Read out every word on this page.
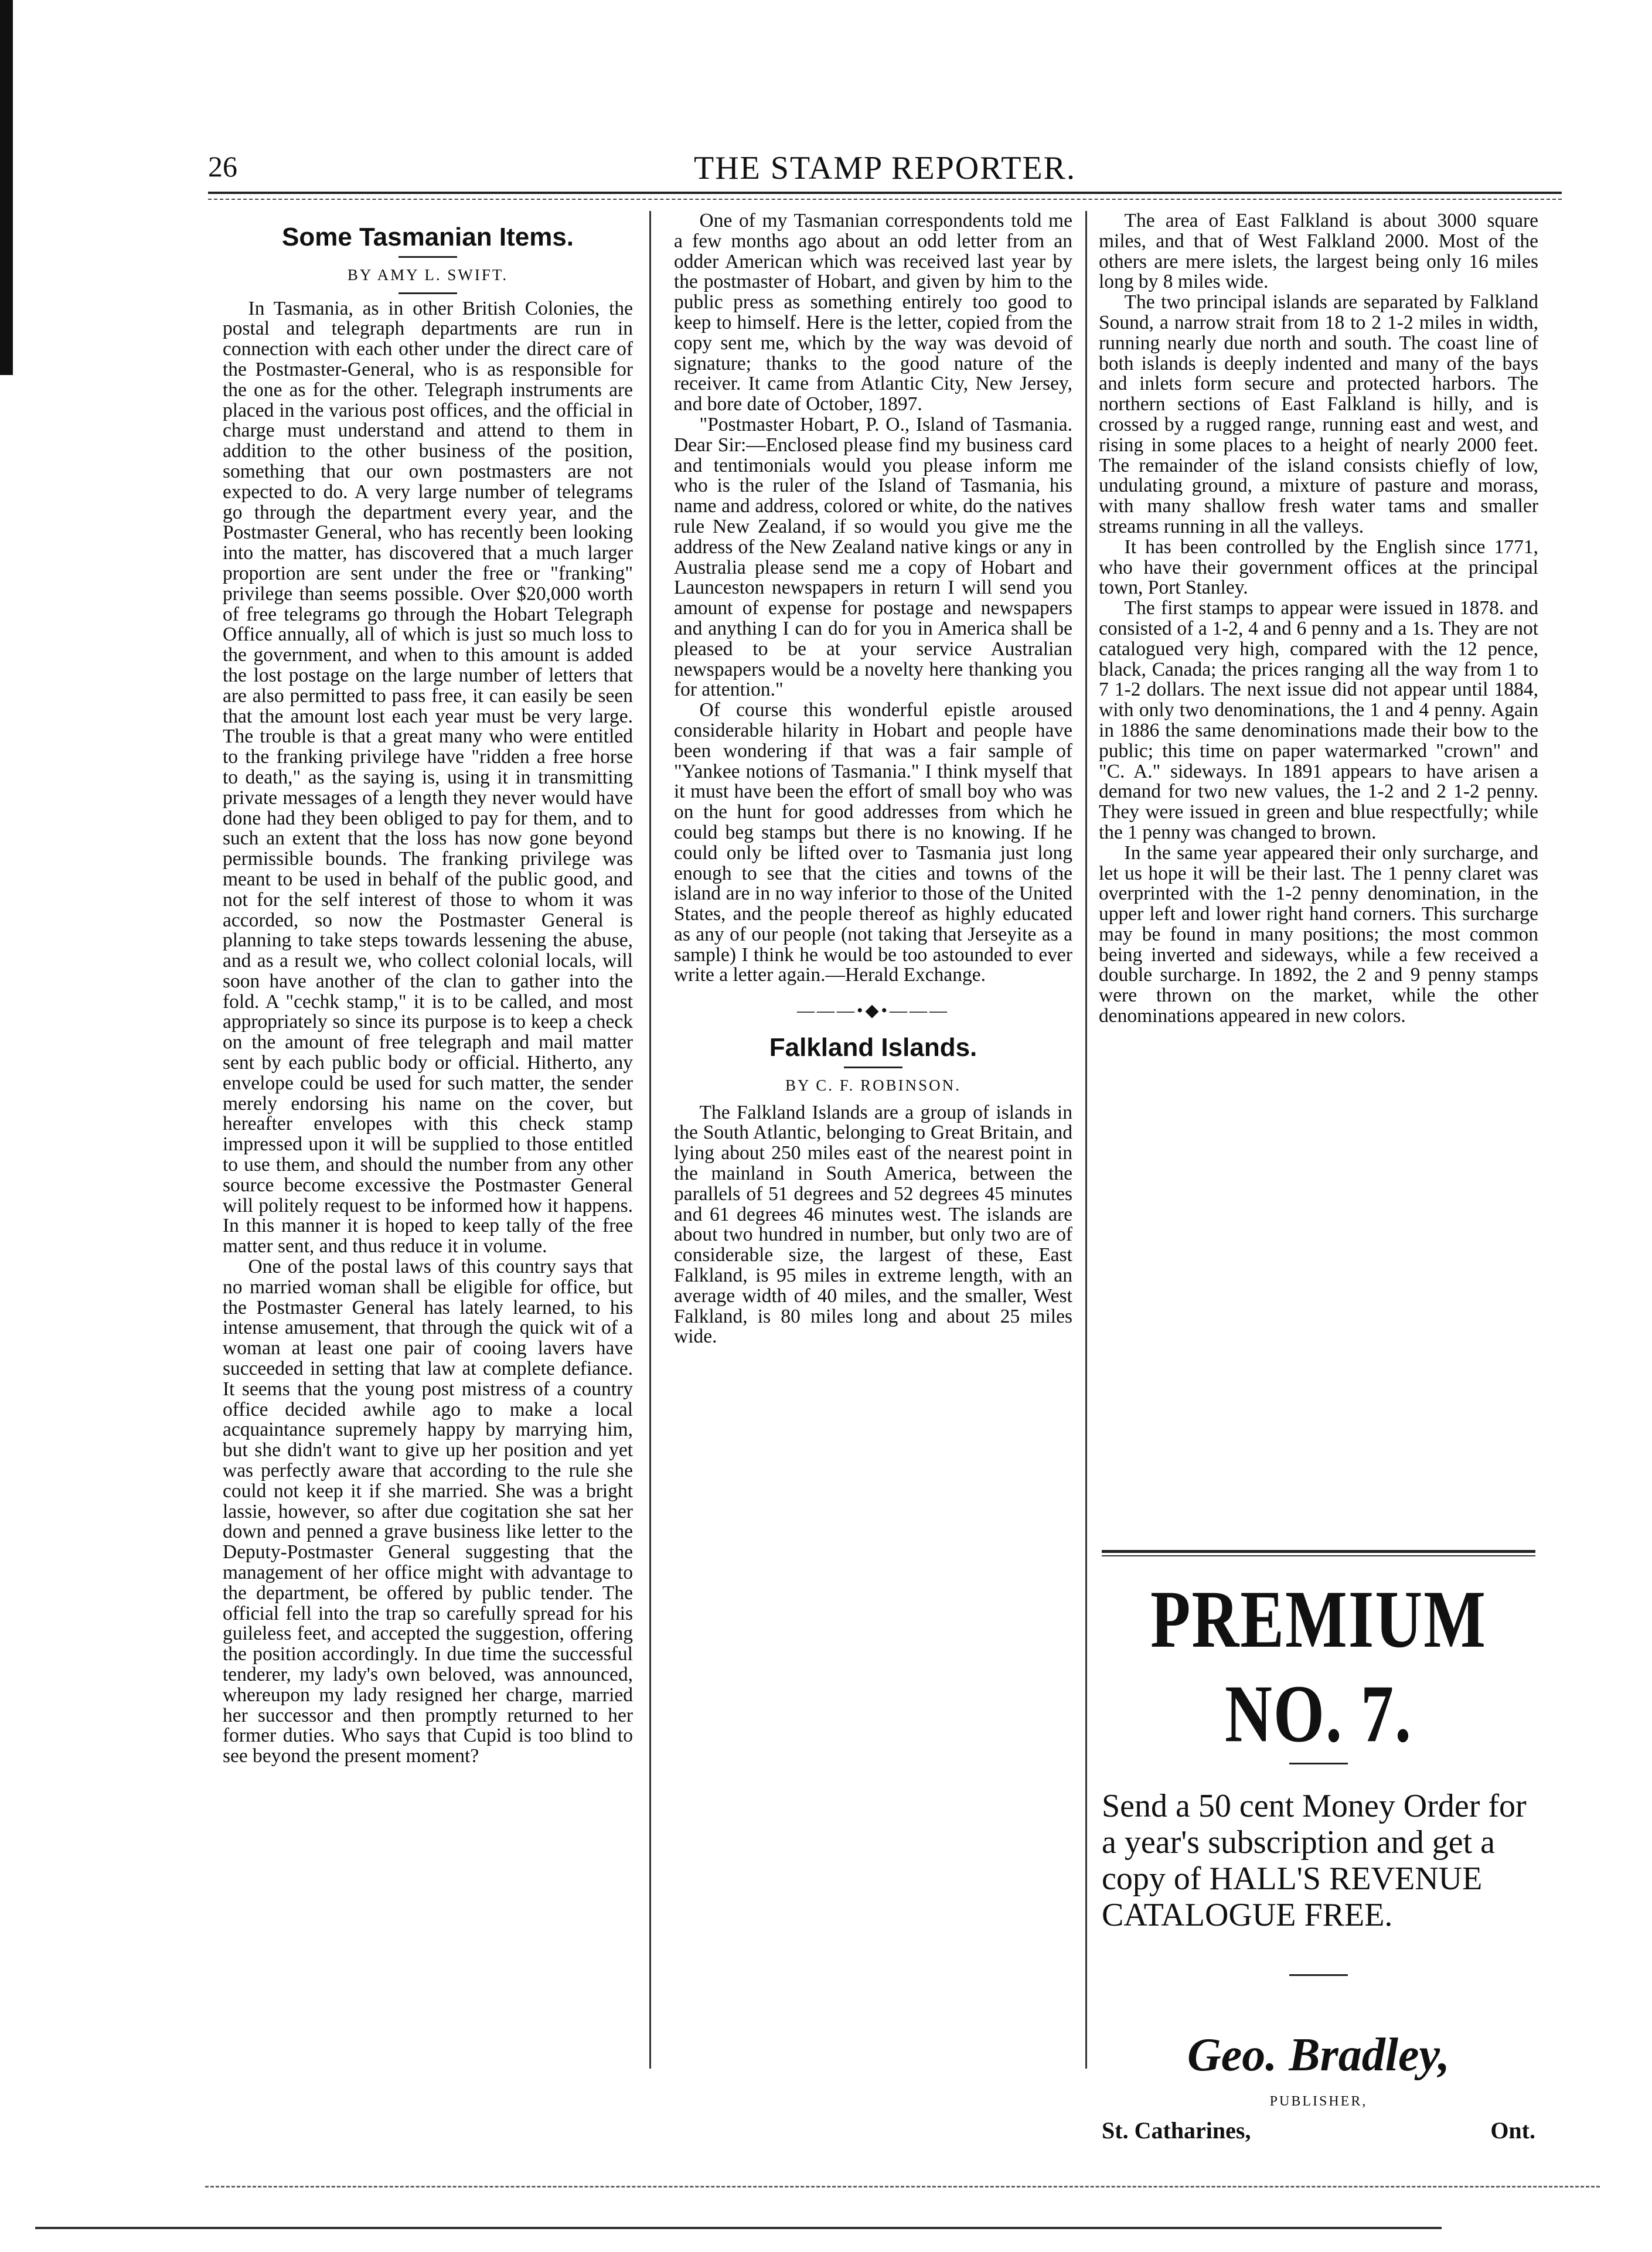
26	THE STAMP REPORTER.
Some Tasmanian Items.
BY AMY L. SWIFT.

In Tasmania, as in other British Colonies, the postal and telegraph departments are run in connection with each other under the direct care of the Postmaster-General, who is as responsible for the one as for the other. Telegraph instruments are placed in the various post offices, and the official in charge must understand and attend to them in addition to the other business of the position, something that our own postmasters are not expected to do. A very large number of telegrams go through the department every year, and the Postmaster General, who has recently been looking into the matter, has discovered that a much larger proportion are sent under the free or "franking" privilege than seems possible. Over $20,000 worth of free telegrams go through the Hobart Telegraph Office annually, all of which is just so much loss to the government, and when to this amount is added the lost postage on the large number of letters that are also permitted to pass free, it can easily be seen that the amount lost each year must be very large. The trouble is that a great many who were entitled to the franking privilege have "ridden a free horse to death," as the saying is, using it in transmitting private messages of a length they never would have done had they been obliged to pay for them, and to such an extent that the loss has now gone beyond permissible bounds. The franking privilege was meant to be used in behalf of the public good, and not for the self interest of those to whom it was accorded, so now the Postmaster General is planning to take steps towards lessening the abuse, and as a result we, who collect colonial locals, will soon have another of the clan to gather into the fold. A "cechk stamp," it is to be called, and most appropriately so since its purpose is to keep a check on the amount of free telegraph and mail matter sent by each public body or official. Hitherto, any envelope could be used for such matter, the sender merely endorsing his name on the cover, but hereafter envelopes with this check stamp impressed upon it will be supplied to those entitled to use them, and should the number from any other source become excessive the Postmaster General will politely request to be informed how it happens. In this manner it is hoped to keep tally of the free matter sent, and thus reduce it in volume.

One of the postal laws of this country says that no married woman shall be eligible for office, but the Postmaster General has lately learned, to his intense amusement, that through the quick wit of a woman at least one pair of cooing lavers have succeeded in setting that law at complete defiance. It seems that the young post mistress of a country office decided awhile ago to make a local acquaintance supremely happy by marrying him, but she didn't want to give up her position and yet was perfectly aware that according to the rule she could not keep it if she married. She was a bright lassie, however, so after due cogitation she sat her down and penned a grave business like letter to the Deputy-Postmaster General suggesting that the management of her office might with advantage to the department, be offered by public tender. The official fell into the trap so carefully spread for his guileless feet, and accepted the suggestion, offering the position accordingly. In due time the successful tenderer, my lady's own beloved, was announced, whereupon my lady resigned her charge, married her successor and then promptly returned to her former duties. Who says that Cupid is too blind to see beyond the present moment?

One of my Tasmanian correspondents told me a few months ago about an odd letter from an odder American which was received last year by the postmaster of Hobart, and given by him to the public press as something entirely too good to keep to himself. Here is the letter, copied from the copy sent me, which by the way was devoid of signature; thanks to the good nature of the receiver. It came from Atlantic City, New Jersey, and bore date of October, 1897.

"Postmaster Hobart, P. O., Island of Tasmania. Dear Sir:—Enclosed please find my business card and tentimonials would you please inform me who is the ruler of the Island of Tasmania, his name and address, colored or white, do the natives rule New Zealand, if so would you give me the address of the New Zealand native kings or any in Australia please send me a copy of Hobart and Launceston newspapers in return I will send you amount of expense for postage and newspapers and anything I can do for you in America shall be pleased to be at your service Australian newspapers would be a novelty here thanking you for attention."

Of course this wonderful epistle aroused considerable hilarity in Hobart and people have been wondering if that was a fair sample of "Yankee notions of Tasmania." I think myself that it must have been the effort of small boy who was on the hunt for good addresses from which he could beg stamps but there is no knowing. If he could only be lifted over to Tasmania just long enough to see that the cities and towns of the island are in no way inferior to those of the United States, and the people thereof as highly educated as any of our people (not taking that Jerseyite as a sample) I think he would be too astounded to ever write a letter again.—Herald Exchange.

———•◆•———
Falkland Islands.
BY C. F. ROBINSON.

The Falkland Islands are a group of islands in the South Atlantic, belonging to Great Britain, and lying about 250 miles east of the nearest point in the mainland in South America, between the parallels of 51 degrees and 52 degrees 45 minutes and 61 degrees 46 minutes west. The islands are about two hundred in number, but only two are of considerable size, the largest of these, East Falkland, is 95 miles in extreme length, with an average width of 40 miles, and the smaller, West Falkland, is 80 miles long and about 25 miles wide.

The area of East Falkland is about 3000 square miles, and that of West Falkland 2000. Most of the others are mere islets, the largest being only 16 miles long by 8 miles wide.

The two principal islands are separated by Falkland Sound, a narrow strait from 18 to 2 1-2 miles in width, running nearly due north and south. The coast line of both islands is deeply indented and many of the bays and inlets form secure and protected harbors. The northern sections of East Falkland is hilly, and is crossed by a rugged range, running east and west, and rising in some places to a height of nearly 2000 feet. The remainder of the island consists chiefly of low, undulating ground, a mixture of pasture and morass, with many shallow fresh water tams and smaller streams running in all the valleys.

It has been controlled by the English since 1771, who have their government offices at the principal town, Port Stanley.

The first stamps to appear were issued in 1878. and consisted of a 1-2, 4 and 6 penny and a 1s. They are not catalogued very high, compared with the 12 pence, black, Canada; the prices ranging all the way from 1 to 7 1-2 dollars. The next issue did not appear until 1884, with only two denominations, the 1 and 4 penny. Again in 1886 the same denominations made their bow to the public; this time on paper watermarked "crown" and "C. A." sideways. In 1891 appears to have arisen a demand for two new values, the 1-2 and 2 1-2 penny. They were issued in green and blue respectfully; while the 1 penny was changed to brown.

In the same year appeared their only surcharge, and let us hope it will be their last. The 1 penny claret was overprinted with the 1-2 penny denomination, in the upper left and lower right hand corners. This surcharge may be found in many positions; the most common being inverted and sideways, while a few received a double surcharge. In 1892, the 2 and 9 penny stamps were thrown on the market, while the other denominations appeared in new colors.

PREMIUM NO. 7.
Send a 50 cent Money Order for a year's subscription and get a copy of HALL'S REVENUE CATALOGUE FREE.
Geo. Bradley,
PUBLISHER,
St. Catharines,	Ont.
